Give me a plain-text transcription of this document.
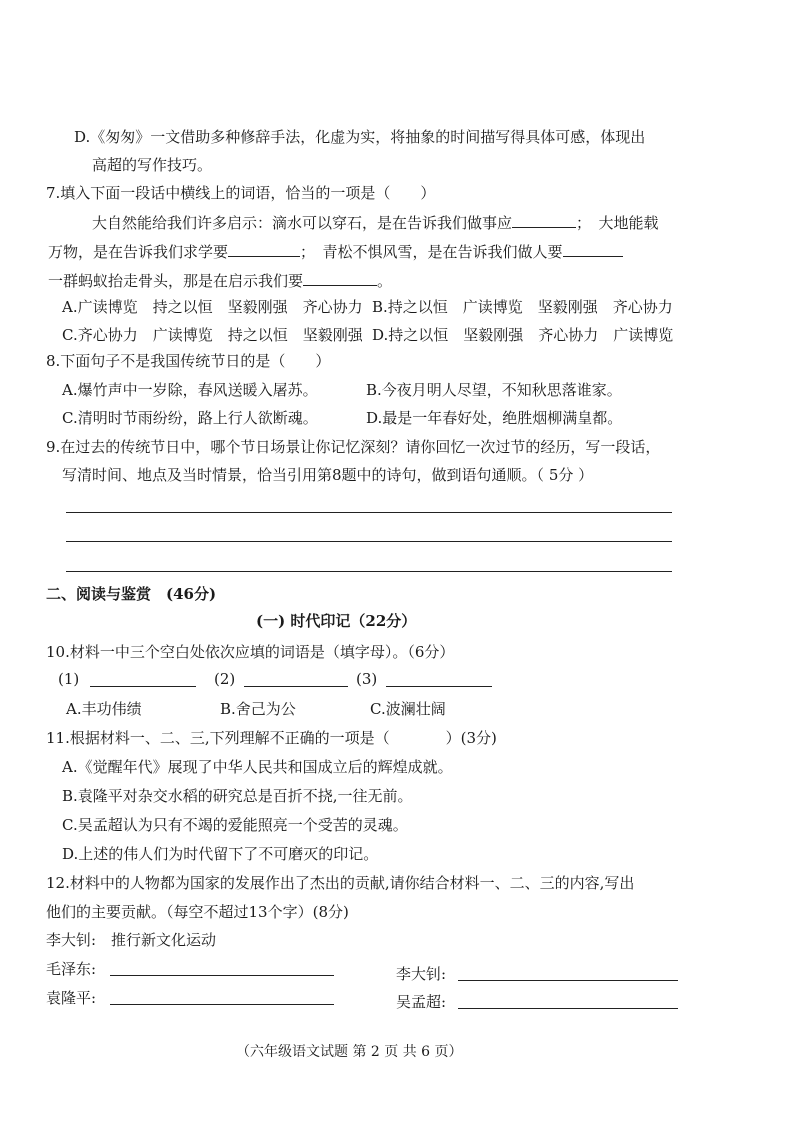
D.《匆匆》一文借助多种修辞手法，化虚为实，将抽象的时间描写得具体可感，体现出
高超的写作技巧。
7.填入下面一段话中横线上的词语，恰当的一项是（　　）
大自然能给我们许多启示：滴水可以穿石，是在告诉我们做事应	；　大地能载
万物，是在告诉我们求学要	；　青松不惧风雪，是在告诉我们做人要
一群蚂蚁抬走骨头，那是在启示我们要	。
A.广读博览　持之以恒　坚毅刚强　齐心协力 B.持之以恒　广读博览　坚毅刚强　齐心协力
C.齐心协力　广读博览　持之以恒　坚毅刚强 D.持之以恒　坚毅刚强　齐心协力　广读博览
8.下面句子不是我国传统节日的是（　　）
A.爆竹声中一岁除，春风送暖入屠苏。	B.今夜月明人尽望，不知秋思落谁家。
C.清明时节雨纷纷，路上行人欲断魂。	D.最是一年春好处，绝胜烟柳满皇都。
9.在过去的传统节日中，哪个节日场景让你记忆深刻？请你回忆一次过节的经历，写一段话，
写清时间、地点及当时情景，恰当引用第8题中的诗句，做到语句通顺。（ 5分 ）
二、阅读与鉴赏　(46分)
(一) 时代印记（22分）
10.材料一中三个空白处依次应填的词语是（填字母）。（6分）
(1)	(2)	(3)
A.丰功伟绩	B.舍己为公	C.波澜壮阔
11.根据材料一、二、三,下列理解不正确的一项是（	）(3分)
A.《觉醒年代》展现了中华人民共和国成立后的辉煌成就。
B.袁隆平对杂交水稻的研究总是百折不挠,一往无前。
C.吴孟超认为只有不竭的爱能照亮一个受苦的灵魂。
D.上述的伟人们为时代留下了不可磨灭的印记。
12.材料中的人物都为国家的发展作出了杰出的贡献,请你结合材料一、二、三的内容,写出
他们的主要贡献。（每空不超过13个字）(8分)
李大钊:　推行新文化运动
毛泽东:	李大钊:
袁隆平:	吴孟超:
（六年级语文试题 第 2 页 共 6 页）
